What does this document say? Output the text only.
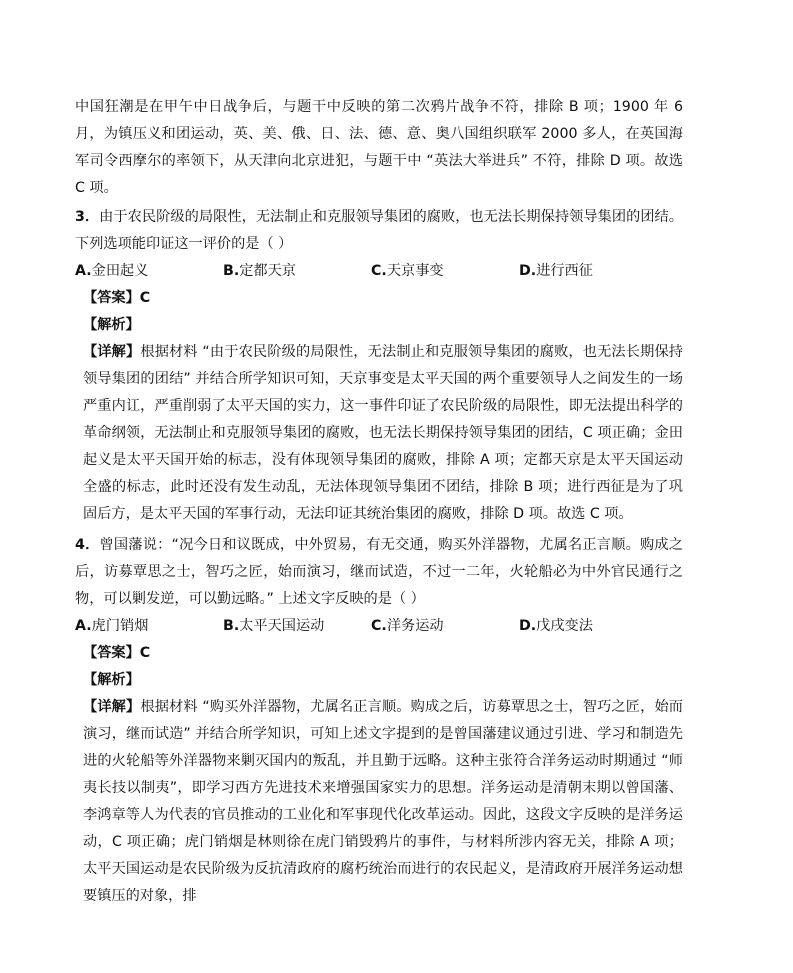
中国狂潮是在甲午中日战争后，与题干中反映的第二次鸦片战争不符，排除 B 项；1900 年 6 月，为镇压义和团运动，英、美、俄、日、法、德、意、奥八国组织联军 2000 多人，在英国海军司令西摩尔的率领下，从天津向北京进犯，与题干中 “英法大举进兵” 不符，排除 D 项。故选 C 项。

3．由于农民阶级的局限性，无法制止和克服领导集团的腐败，也无法长期保持领导集团的团结。下列选项能印证这一评价的是（ ）

A.金田起义	B.定都天京	C.天京事变	D.进行西征

【答案】C

【解析】

【详解】根据材料 “由于农民阶级的局限性，无法制止和克服领导集团的腐败，也无法长期保持领导集团的团结” 并结合所学知识可知，天京事变是太平天国的两个重要领导人之间发生的一场严重内讧，严重削弱了太平天国的实力，这一事件印证了农民阶级的局限性，即无法提出科学的革命纲领，无法制止和克服领导集团的腐败，也无法长期保持领导集团的团结，C 项正确；金田起义是太平天国开始的标志，没有体现领导集团的腐败，排除 A 项；定都天京是太平天国运动全盛的标志，此时还没有发生动乱，无法体现领导集团不团结，排除 B 项；进行西征是为了巩固后方，是太平天国的军事行动，无法印证其统治集团的腐败，排除 D 项。故选 C 项。

4．曾国藩说：“况今日和议既成，中外贸易，有无交通，购买外洋器物，尤属名正言顺。购成之后，访募覃思之士，智巧之匠，始而演习，继而试造，不过一二年，火轮船必为中外官民通行之物，可以剿发逆，可以勤远略。” 上述文字反映的是（ ）

A.虎门销烟	B.太平天国运动	C.洋务运动	D.戊戌变法

【答案】C

【解析】

【详解】根据材料 “购买外洋器物，尤属名正言顺。购成之后，访募覃思之士，智巧之匠，始而演习，继而试造” 并结合所学知识，可知上述文字提到的是曾国藩建议通过引进、学习和制造先进的火轮船等外洋器物来剿灭国内的叛乱，并且勤于远略。这种主张符合洋务运动时期通过 “师夷长技以制夷”，即学习西方先进技术来增强国家实力的思想。洋务运动是清朝末期以曾国藩、李鸿章等人为代表的官员推动的工业化和军事现代化改革运动。因此，这段文字反映的是洋务运动，C 项正确；虎门销烟是林则徐在虎门销毁鸦片的事件，与材料所涉内容无关，排除 A 项；太平天国运动是农民阶级为反抗清政府的腐朽统治而进行的农民起义，是清政府开展洋务运动想要镇压的对象，排
